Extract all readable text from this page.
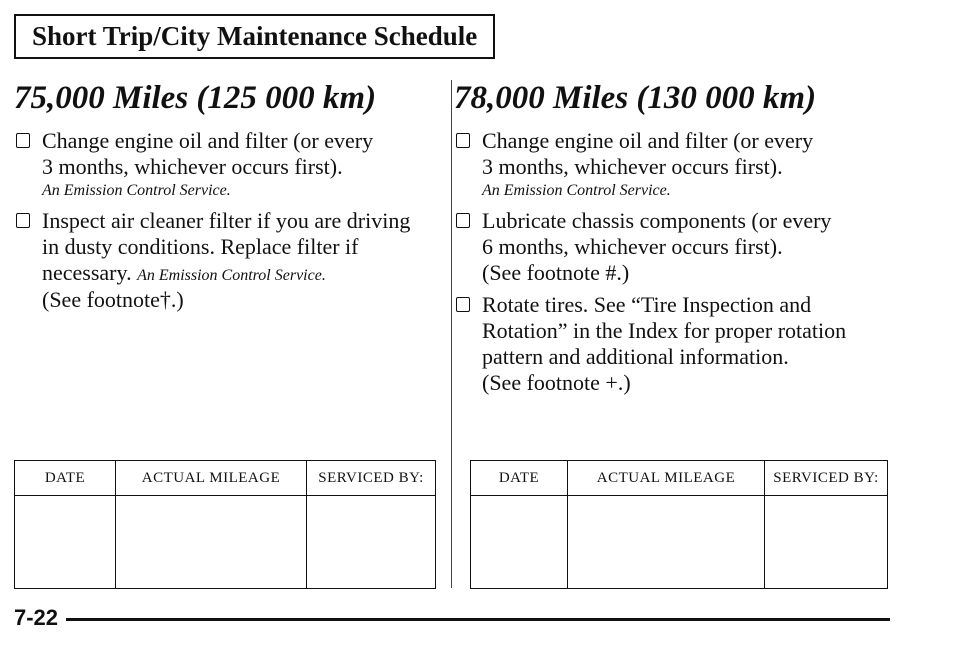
Short Trip/City Maintenance Schedule
75,000 Miles (125 000 km)
Change engine oil and filter (or every
3 months, whichever occurs first).
An Emission Control Service.
Inspect air cleaner filter if you are driving
in dusty conditions. Replace filter if
necessary. An Emission Control Service.
(See footnote†.)
DATE	ACTUAL MILEAGE	SERVICED BY:

78,000 Miles (130 000 km)
Change engine oil and filter (or every
3 months, whichever occurs first).
An Emission Control Service.
Lubricate chassis components (or every
6 months, whichever occurs first).
(See footnote #.)
Rotate tires. See “Tire Inspection and
Rotation” in the Index for proper rotation
pattern and additional information.
(See footnote +.)
DATE	ACTUAL MILEAGE	SERVICED BY:

7-22
